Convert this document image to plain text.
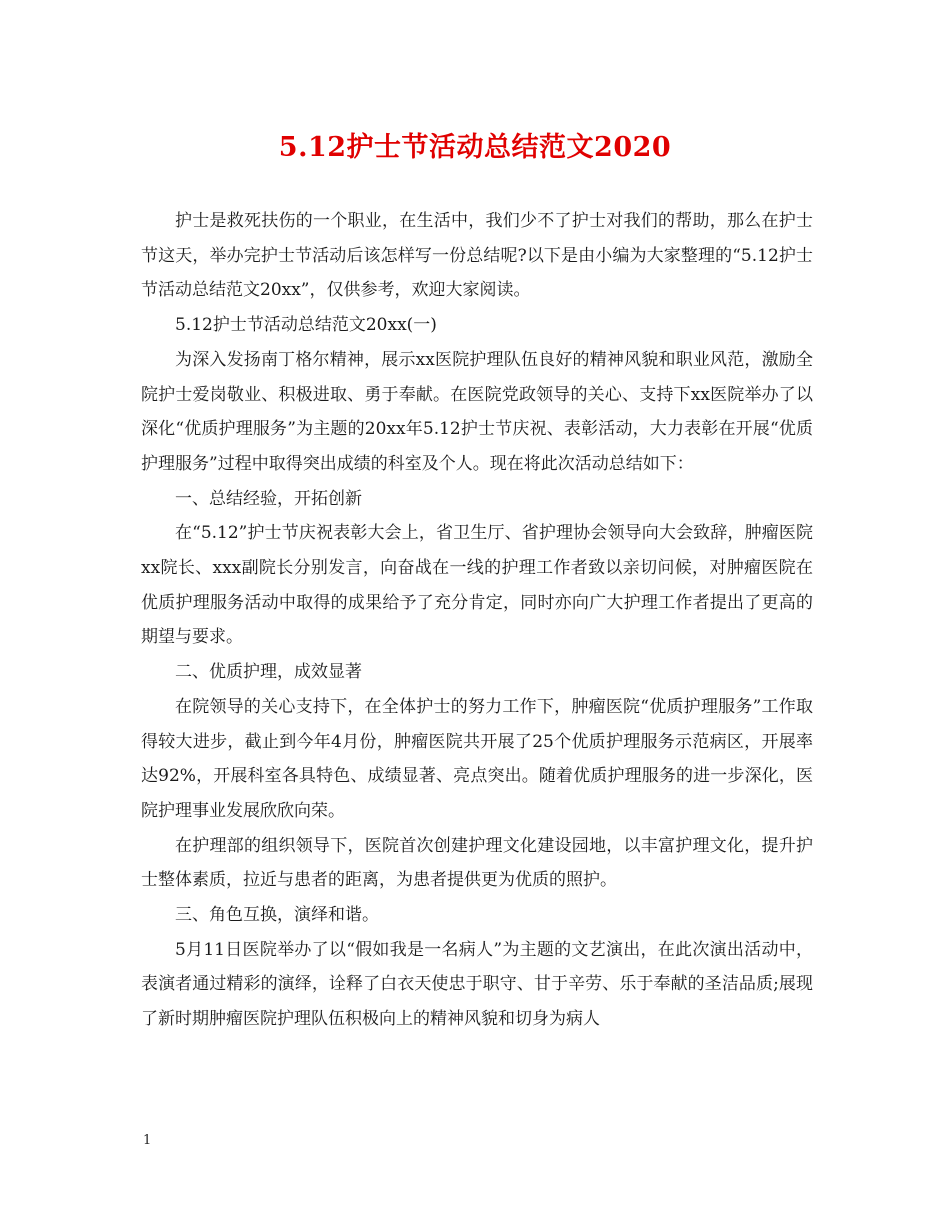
5.12护士节活动总结范文2020

护士是救死扶伤的一个职业，在生活中，我们少不了护士对我们的帮助，那么在护士节这天，举办完护士节活动后该怎样写一份总结呢?以下是由小编为大家整理的“5.12护士节活动总结范文20xx”，仅供参考，欢迎大家阅读。

5.12护士节活动总结范文20xx(一)

为深入发扬南丁格尔精神，展示xx医院护理队伍良好的精神风貌和职业风范，激励全院护士爱岗敬业、积极进取、勇于奉献。在医院党政领导的关心、支持下xx医院举办了以深化“优质护理服务”为主题的20xx年5.12护士节庆祝、表彰活动，大力表彰在开展“优质护理服务”过程中取得突出成绩的科室及个人。现在将此次活动总结如下：

一、总结经验，开拓创新

在“5.12”护士节庆祝表彰大会上，省卫生厅、省护理协会领导向大会致辞，肿瘤医院xx院长、xxx副院长分别发言，向奋战在一线的护理工作者致以亲切问候，对肿瘤医院在优质护理服务活动中取得的成果给予了充分肯定，同时亦向广大护理工作者提出了更高的期望与要求。

二、优质护理，成效显著

在院领导的关心支持下，在全体护士的努力工作下，肿瘤医院“优质护理服务”工作取得较大进步，截止到今年4月份，肿瘤医院共开展了25个优质护理服务示范病区，开展率达92%，开展科室各具特色、成绩显著、亮点突出。随着优质护理服务的进一步深化，医院护理事业发展欣欣向荣。

在护理部的组织领导下，医院首次创建护理文化建设园地，以丰富护理文化，提升护士整体素质，拉近与患者的距离，为患者提供更为优质的照护。

三、角色互换，演绎和谐。

5月11日医院举办了以“假如我是一名病人”为主题的文艺演出，在此次演出活动中，表演者通过精彩的演绎，诠释了白衣天使忠于职守、甘于辛劳、乐于奉献的圣洁品质;展现了新时期肿瘤医院护理队伍积极向上的精神风貌和切身为病人

1
